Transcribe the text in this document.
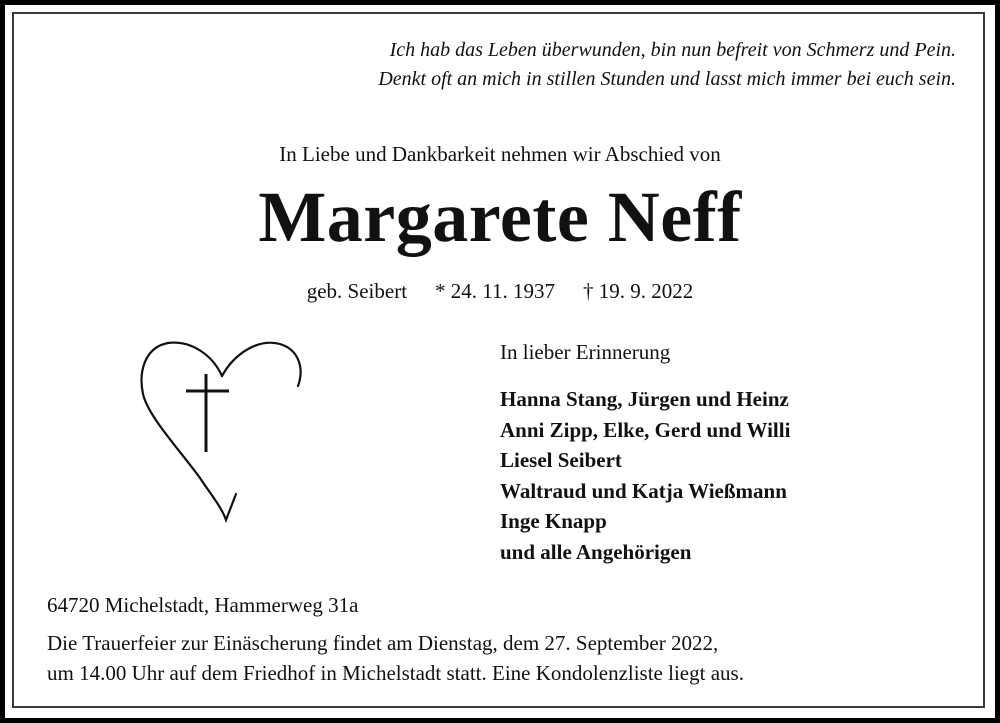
Ich hab das Leben überwunden, bin nun befreit von Schmerz und Pein.
Denkt oft an mich in stillen Stunden und lasst mich immer bei euch sein.
In Liebe und Dankbarkeit nehmen wir Abschied von
Margarete Neff
geb. Seibert * 24. 11. 1937 † 19. 9. 2022
In lieber Erinnerung
Hanna Stang, Jürgen und Heinz
Anni Zipp, Elke, Gerd und Willi
Liesel Seibert
Waltraud und Katja Wießmann
Inge Knapp
und alle Angehörigen
64720 Michelstadt, Hammerweg 31a
Die Trauerfeier zur Einäscherung findet am Dienstag, dem 27. September 2022,
um 14.00 Uhr auf dem Friedhof in Michelstadt statt. Eine Kondolenzliste liegt aus.
